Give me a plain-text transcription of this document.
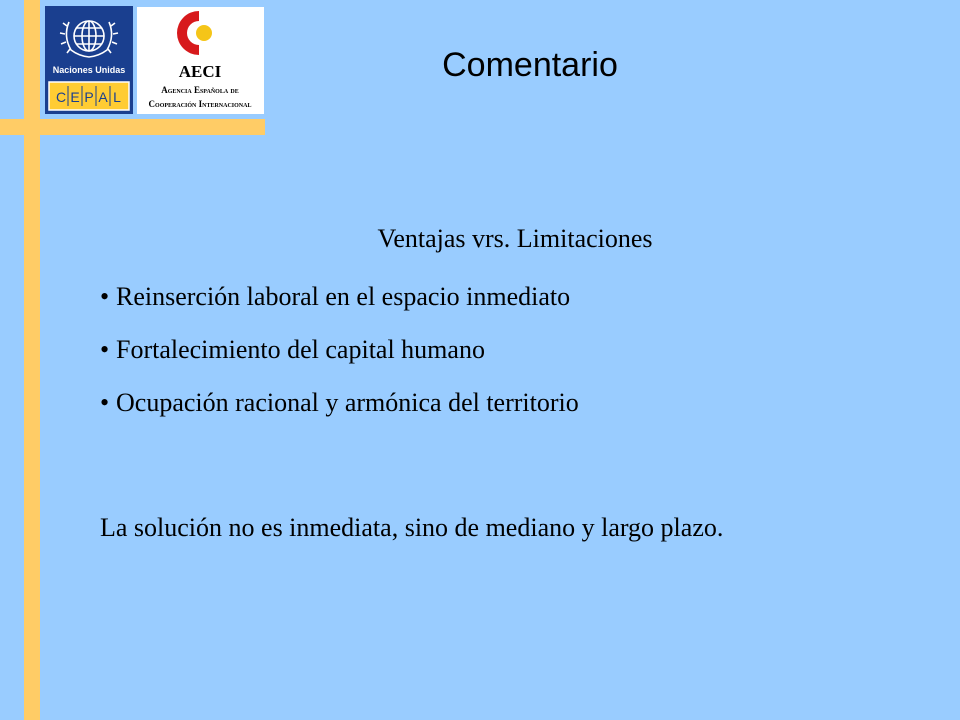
Naciones Unidas
C E P A L
AECI
Agencia Española de
Cooperación Internacional
Comentario
Ventajas vrs. Limitaciones
• Reinserción laboral en el espacio inmediato
• Fortalecimiento del capital humano
• Ocupación racional y armónica del territorio
La solución no es inmediata, sino de mediano y largo plazo.
